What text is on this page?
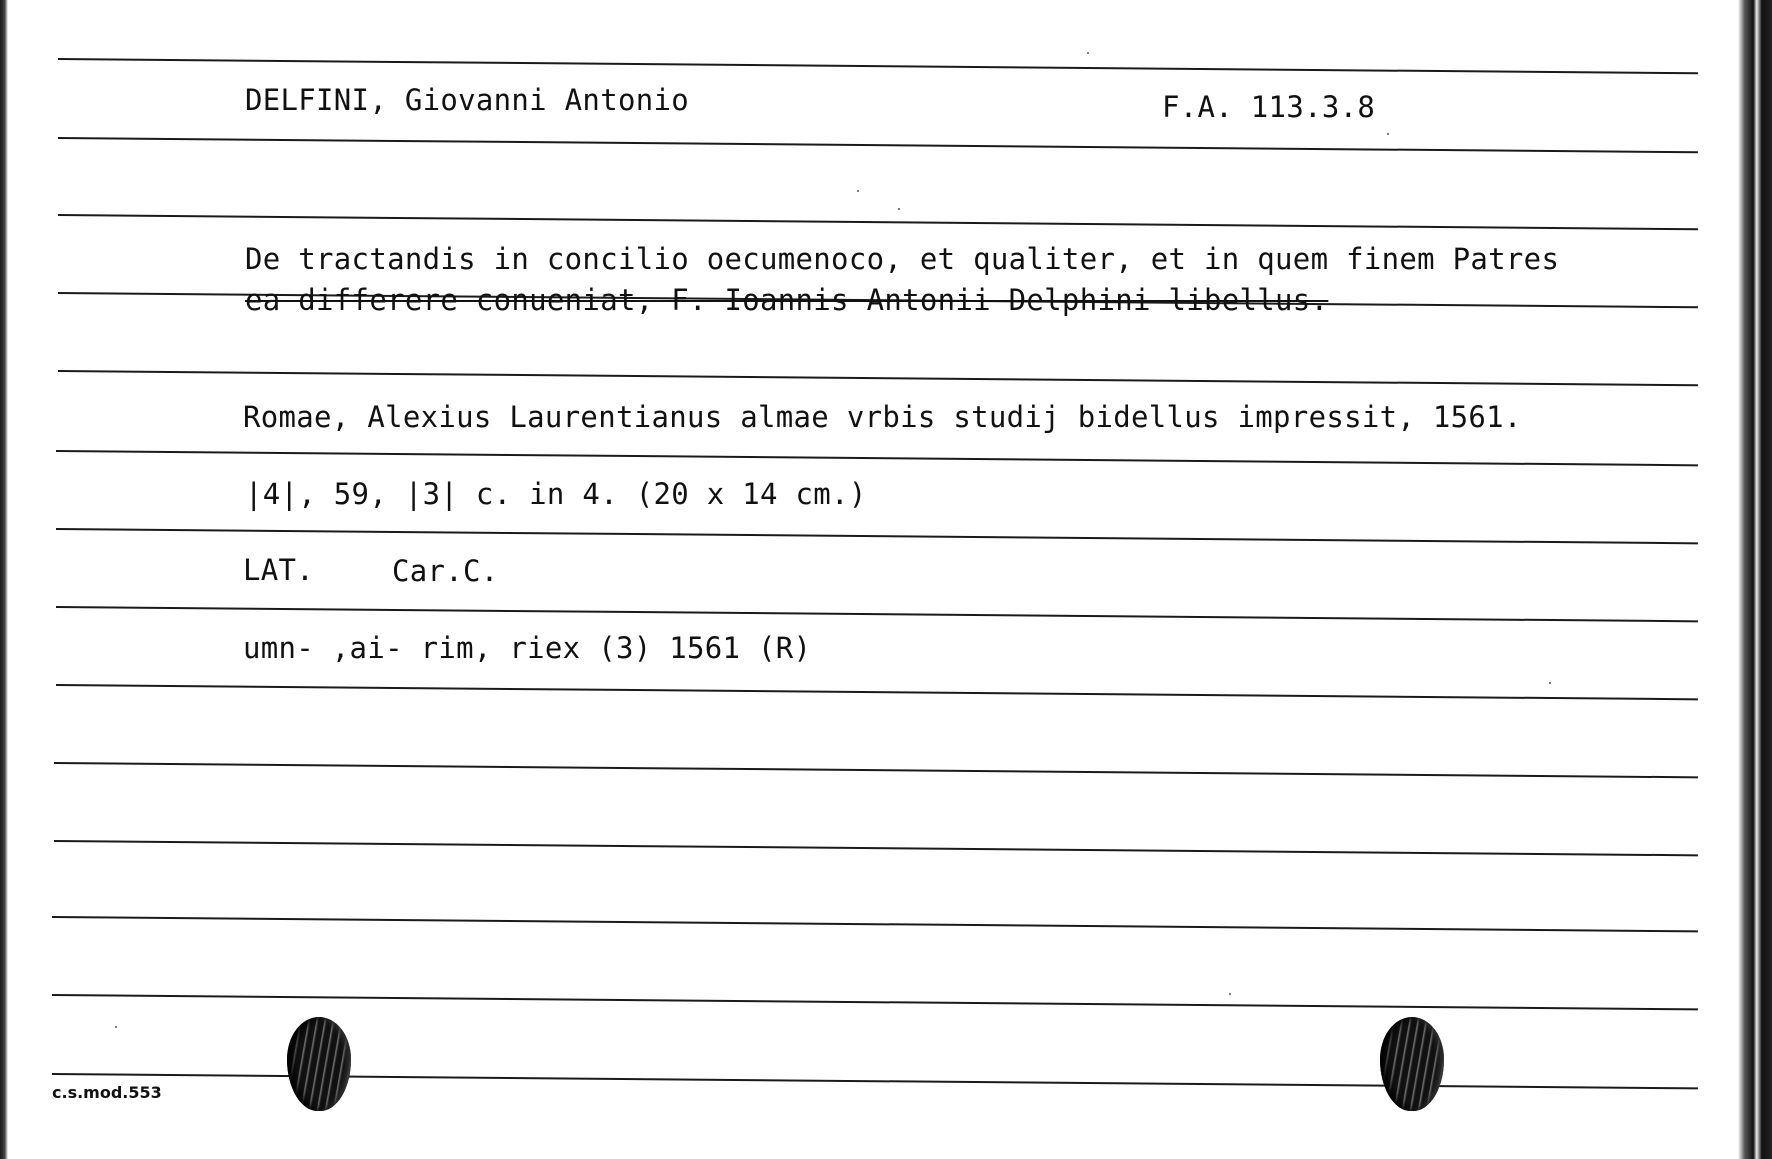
DELFINI, Giovanni Antonio	F.A. 113.3.8
De tractandis in concilio oecumenoco, et qualiter, et in quem finem Patres
ea differere conueniat, F. Ioannis Antonii Delphini libellus.
Romae, Alexius Laurentianus almae vrbis studij bidellus impressit, 1561.
|4|, 59, |3| c. in 4. (20 x 14 cm.)
LAT.	Car.C.
umn- ,ai- rim, riex (3) 1561 (R)
c.s.mod.553
